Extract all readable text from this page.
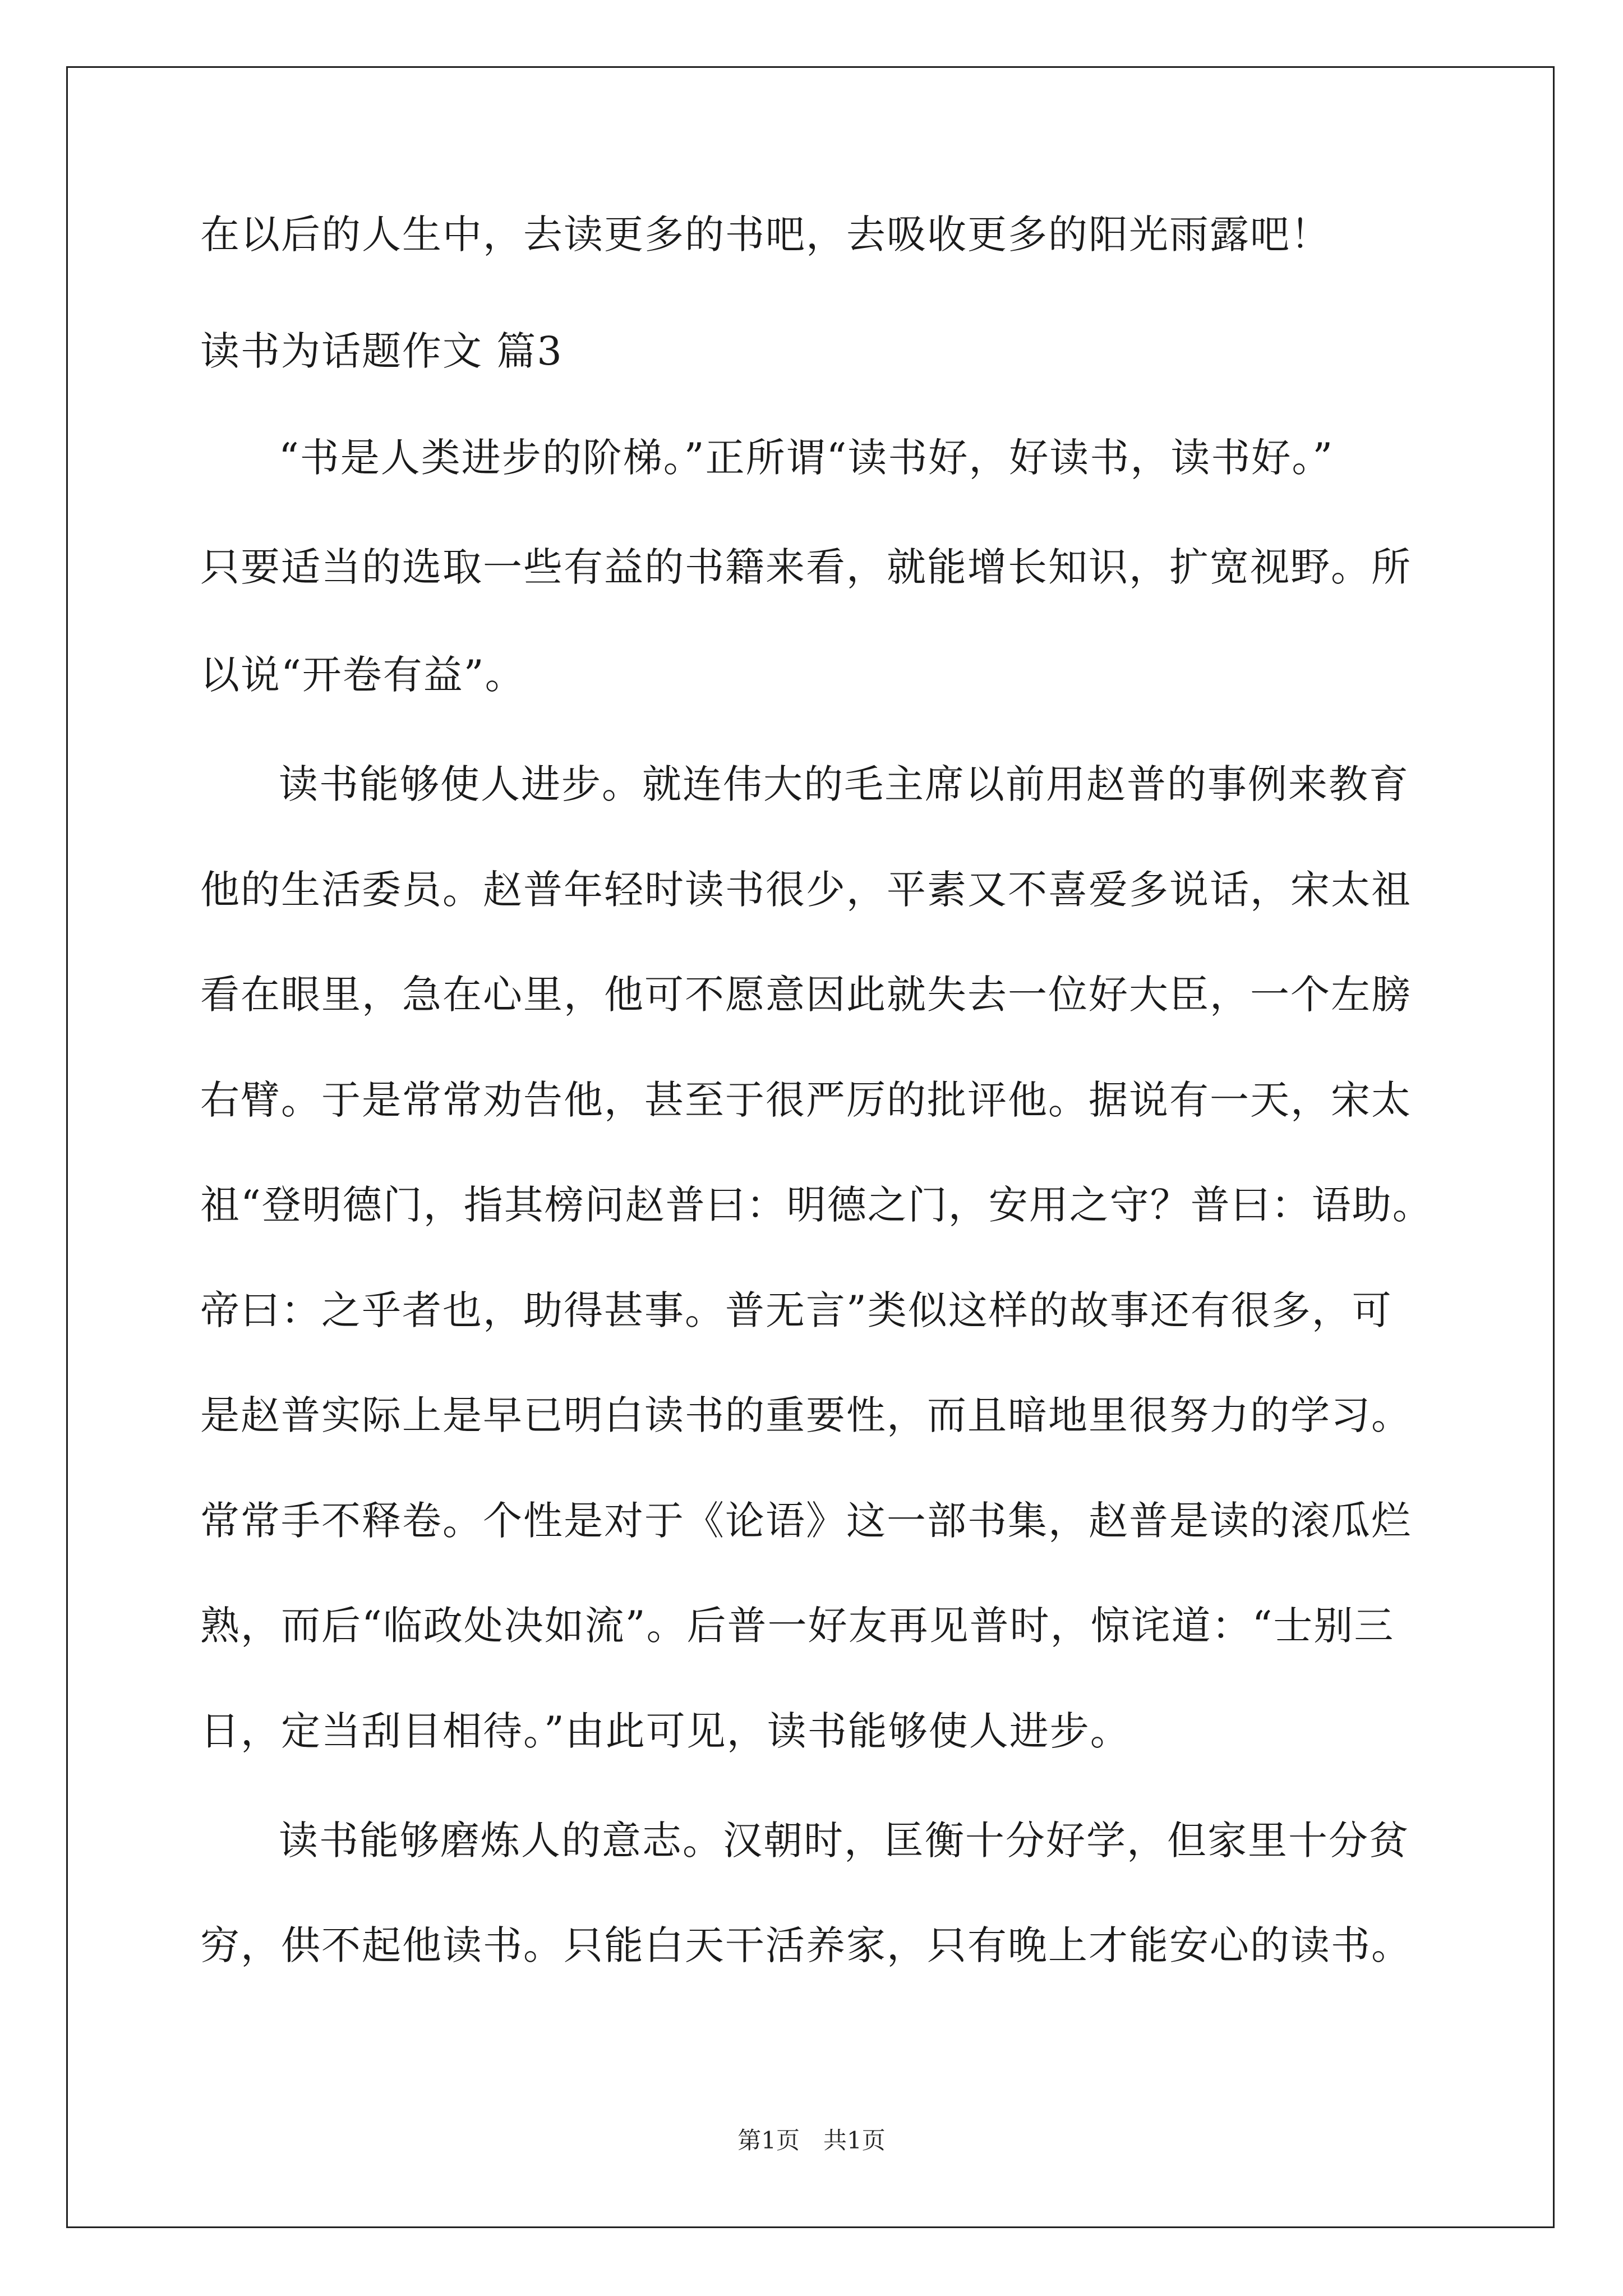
在以后的人生中，去读更多的书吧，去吸收更多的阳光雨露吧！
读书为话题作文 篇3
“书是人类进步的阶梯。”正所谓“读书好，好读书，读书好。”
只要适当的选取一些有益的书籍来看，就能增长知识，扩宽视野。所
以说“开卷有益”。
读书能够使人进步。就连伟大的毛主席以前用赵普的事例来教育
他的生活委员。赵普年轻时读书很少，平素又不喜爱多说话，宋太祖
看在眼里，急在心里，他可不愿意因此就失去一位好大臣，一个左膀
右臂。于是常常劝告他，甚至于很严厉的批评他。据说有一天，宋太
祖“登明德门，指其榜问赵普曰：明德之门，安用之守？普曰：语助。
帝曰：之乎者也，助得甚事。普无言”类似这样的故事还有很多，可
是赵普实际上是早已明白读书的重要性，而且暗地里很努力的学习。
常常手不释卷。个性是对于《论语》这一部书集，赵普是读的滚瓜烂
熟，而后“临政处决如流”。后普一好友再见普时，惊诧道：“士别三
日，定当刮目相待。”由此可见，读书能够使人进步。
读书能够磨炼人的意志。汉朝时，匡衡十分好学，但家里十分贫
穷，供不起他读书。只能白天干活养家，只有晚上才能安心的读书。
第1页　共1页
